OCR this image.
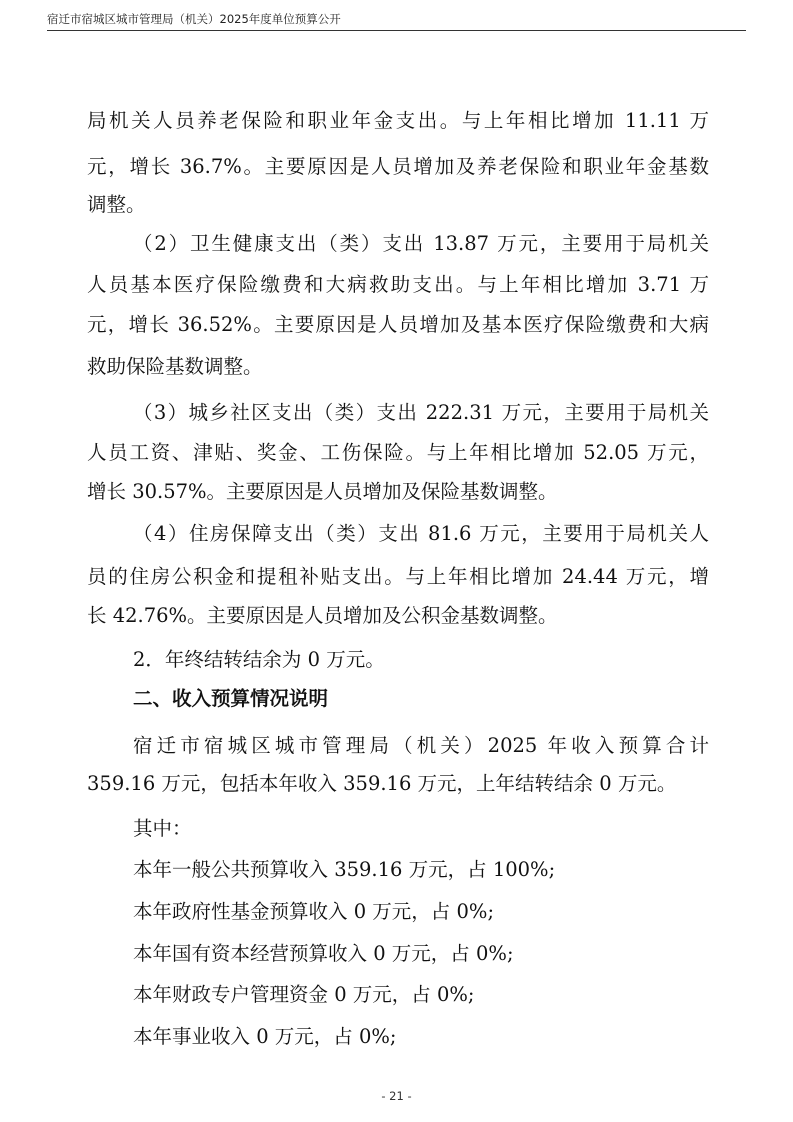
宿迁市宿城区城市管理局（机关）2025年度单位预算公开
局机关人员养老保险和职业年金支出。与上年相比增加 11.11 万
元，增长 36.7%。主要原因是人员增加及养老保险和职业年金基数
调整。
（2）卫生健康支出（类）支出 13.87 万元，主要用于局机关
人员基本医疗保险缴费和大病救助支出。与上年相比增加 3.71 万
元，增长 36.52%。主要原因是人员增加及基本医疗保险缴费和大病
救助保险基数调整。
（3）城乡社区支出（类）支出 222.31 万元，主要用于局机关
人员工资、津贴、奖金、工伤保险。与上年相比增加 52.05 万元，
增长 30.57%。主要原因是人员增加及保险基数调整。
（4）住房保障支出（类）支出 81.6 万元，主要用于局机关人
员的住房公积金和提租补贴支出。与上年相比增加 24.44 万元，增
长 42.76%。主要原因是人员增加及公积金基数调整。
2．年终结转结余为 0 万元。
二、收入预算情况说明
宿迁市宿城区城市管理局（机关）2025 年收入预算合计
359.16 万元，包括本年收入 359.16 万元，上年结转结余 0 万元。
其中：
本年一般公共预算收入 359.16 万元，占 100%;
本年政府性基金预算收入 0 万元，占 0%;
本年国有资本经营预算收入 0 万元，占 0%;
本年财政专户管理资金 0 万元，占 0%;
本年事业收入 0 万元，占 0%;
- 21 -
